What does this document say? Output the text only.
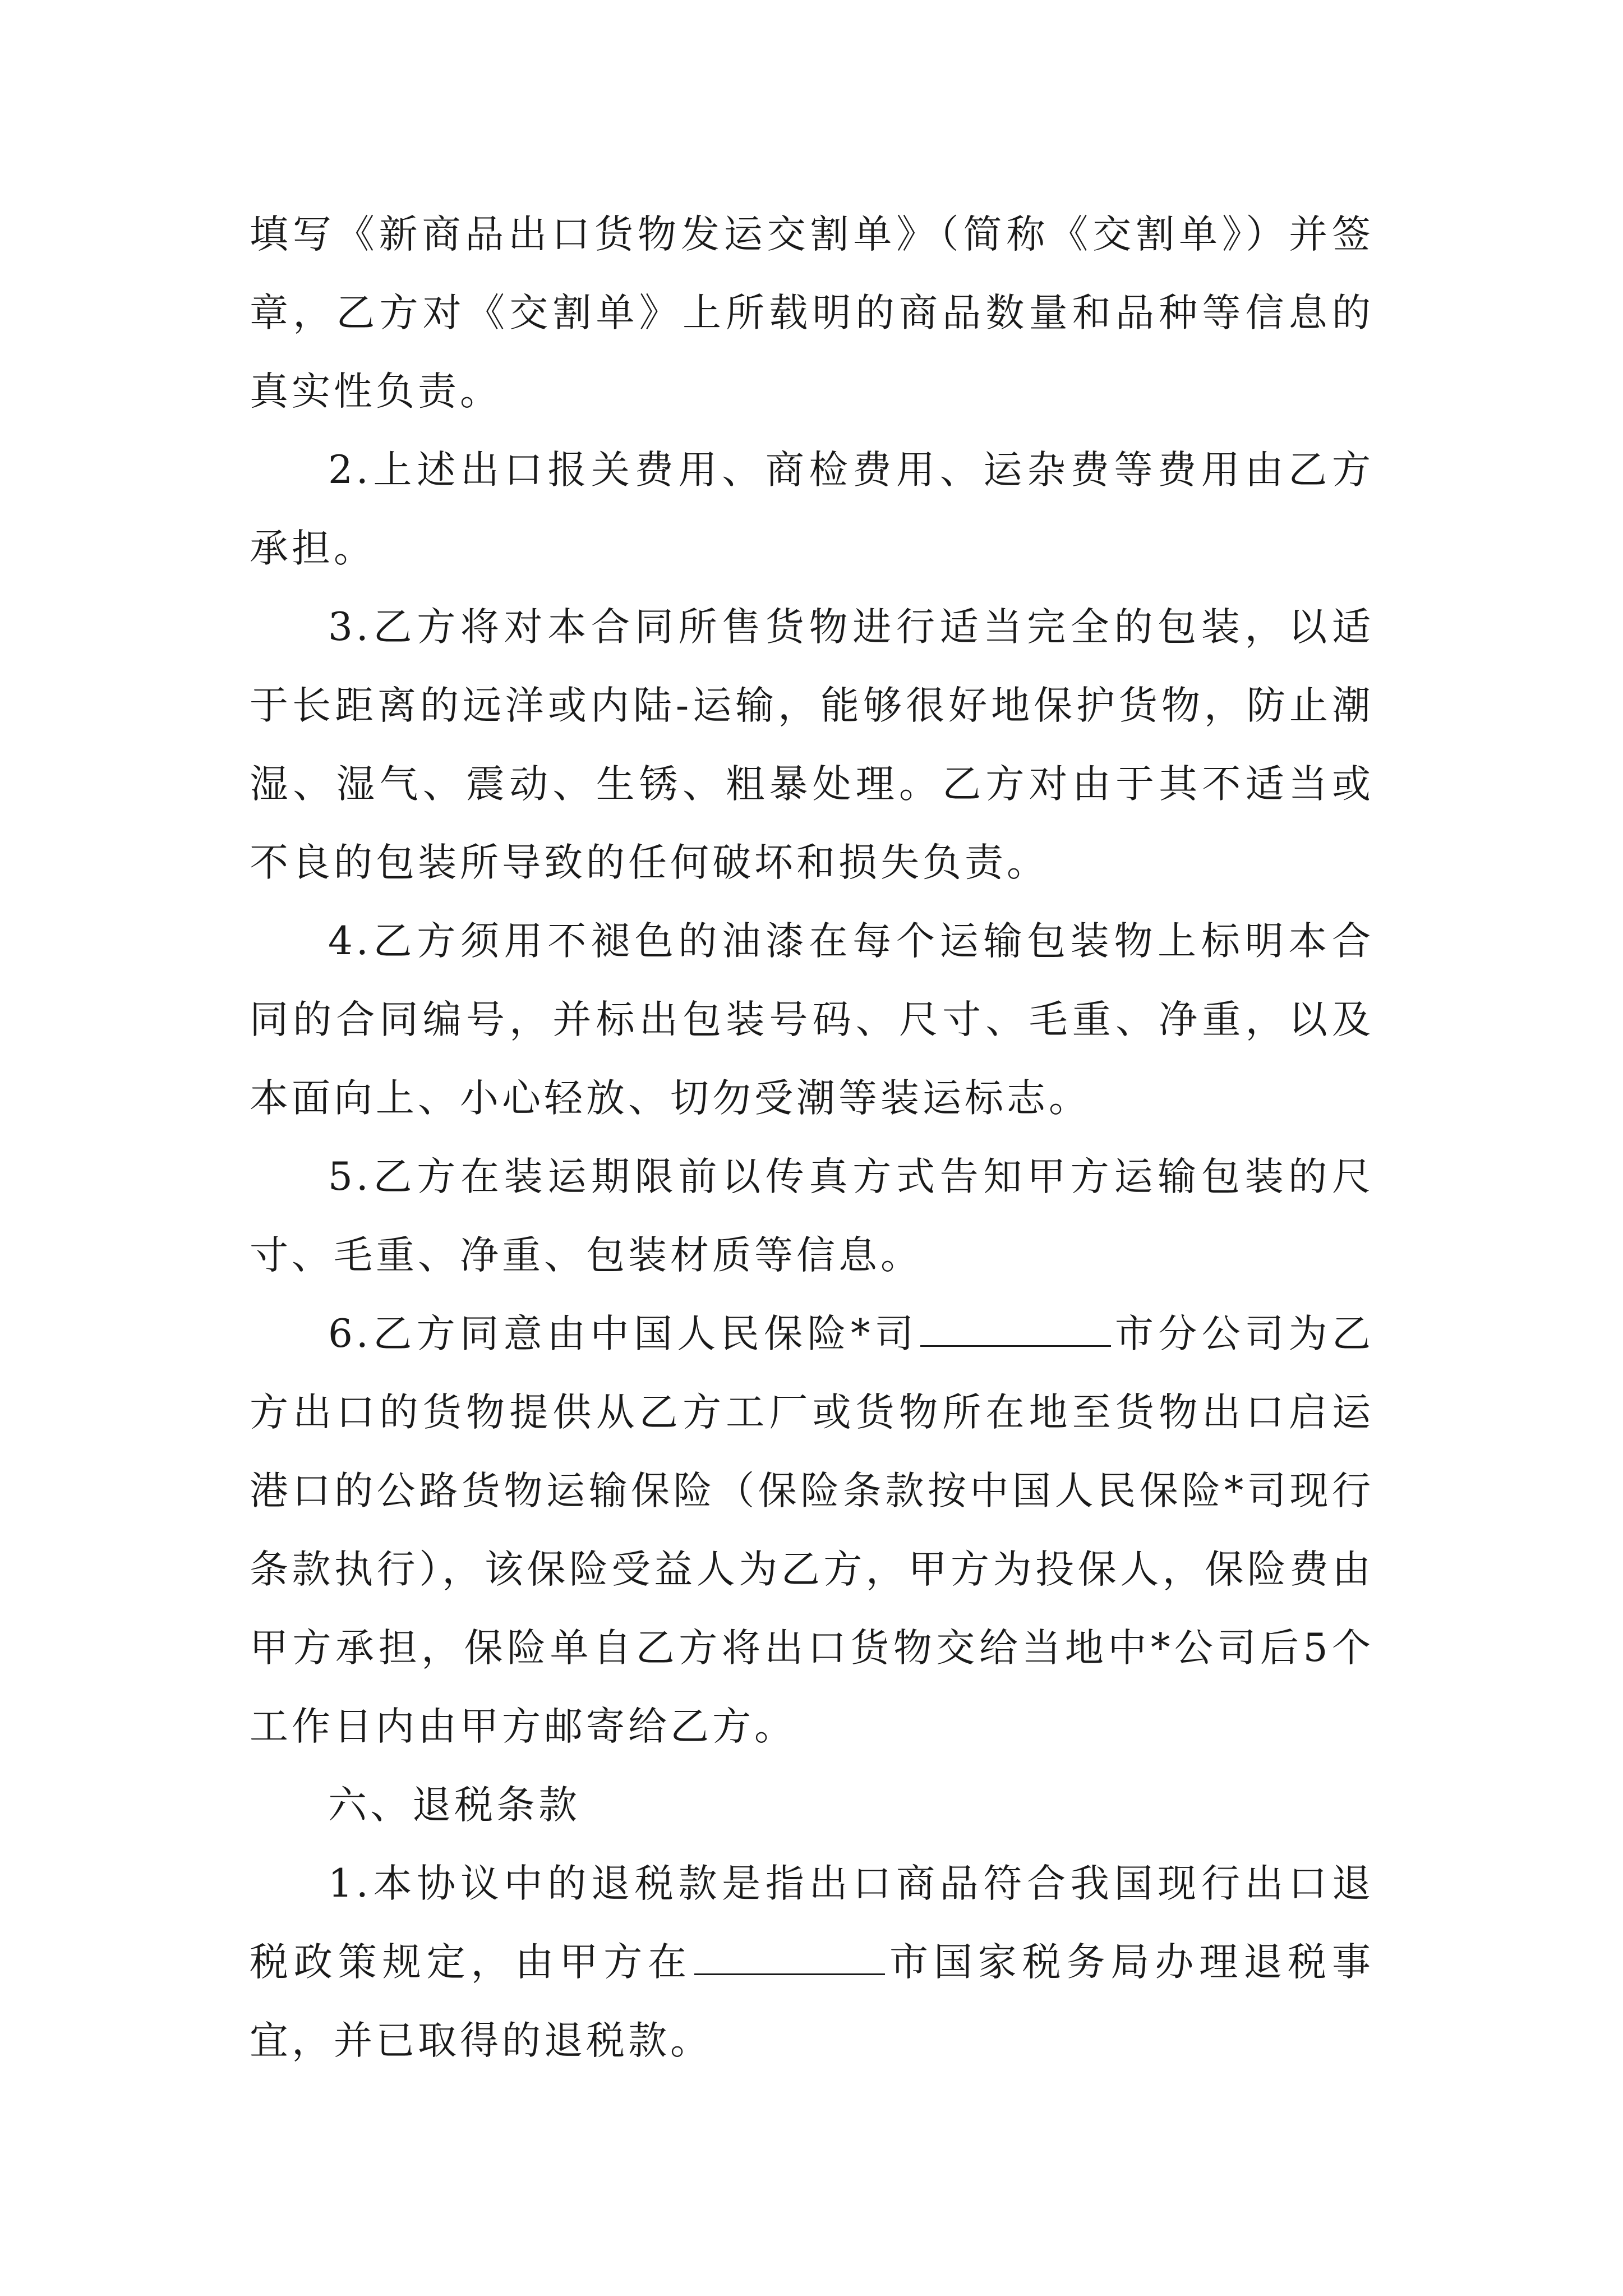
填写《新商品出口货物发运交割单》（简称《交割单》）并签章，乙方对《交割单》上所载明的商品数量和品种等信息的真实性负责。

2.上述出口报关费用、商检费用、运杂费等费用由乙方承担。

3.乙方将对本合同所售货物进行适当完全的包装，以适于长距离的远洋或内陆-运输，能够很好地保护货物，防止潮湿、湿气、震动、生锈、粗暴处理。乙方对由于其不适当或不良的包装所导致的任何破坏和损失负责。

4.乙方须用不褪色的油漆在每个运输包装物上标明本合同的合同编号，并标出包装号码、尺寸、毛重、净重，以及本面向上、小心轻放、切勿受潮等装运标志。

5.乙方在装运期限前以传真方式告知甲方运输包装的尺寸、毛重、净重、包装材质等信息。

6.乙方同意由中国人民保险*司	市分公司为乙方出口的货物提供从乙方工厂或货物所在地至货物出口启运港口的公路货物运输保险（保险条款按中国人民保险*司现行条款执行），该保险受益人为乙方，甲方为投保人，保险费由甲方承担，保险单自乙方将出口货物交给当地中*公司后5个工作日内由甲方邮寄给乙方。

六、退税条款

1.本协议中的退税款是指出口商品符合我国现行出口退税政策规定，由甲方在	市国家税务局办理退税事宜，并已取得的退税款。
